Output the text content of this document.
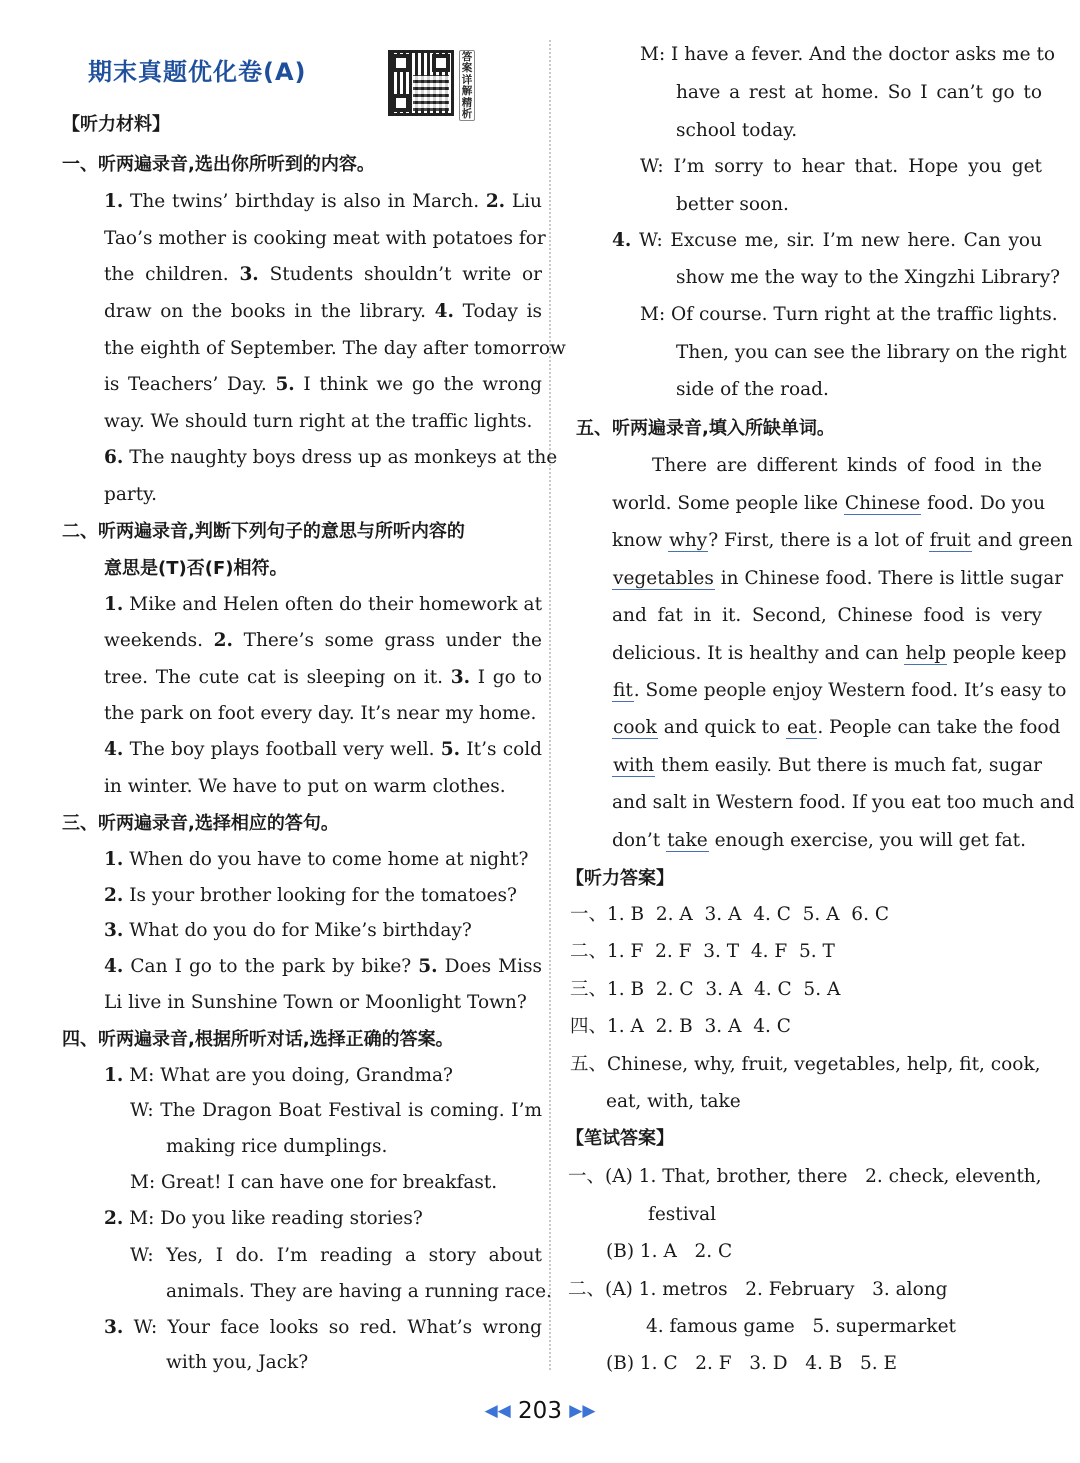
期末真题优化卷(A)
答案详解精析
【听力材料】
一、听两遍录音,选出你所听到的内容。
1. The twins’ birthday is also in March. 2. Liu
Tao’s mother is cooking meat with potatoes for
the children. 3. Students shouldn’t write or
draw on the books in the library. 4. Today is
the eighth of September. The day after tomorrow
is Teachers’ Day. 5. I think we go the wrong
way. We should turn right at the traffic lights.
6. The naughty boys dress up as monkeys at the
party.
二、听两遍录音,判断下列句子的意思与所听内容的
意思是(T)否(F)相符。
1. Mike and Helen often do their homework at
weekends. 2. There’s some grass under the
tree. The cute cat is sleeping on it. 3. I go to
the park on foot every day. It’s near my home.
4. The boy plays football very well. 5. It’s cold
in winter. We have to put on warm clothes.
三、听两遍录音,选择相应的答句。
1. When do you have to come home at night?
2. Is your brother looking for the tomatoes?
3. What do you do for Mike’s birthday?
4. Can I go to the park by bike? 5. Does Miss
Li live in Sunshine Town or Moonlight Town?
四、听两遍录音,根据所听对话,选择正确的答案。
1. M: What are you doing, Grandma?
W: The Dragon Boat Festival is coming. I’m
making rice dumplings.
M: Great! I can have one for breakfast.
2. M: Do you like reading stories?
W: Yes, I do. I’m reading a story about
animals. They are having a running race.
3. W: Your face looks so red. What’s wrong
with you, Jack?
M: I have a fever. And the doctor asks me to
have a rest at home. So I can’t go to
school today.
W: I’m sorry to hear that. Hope you get
better soon.
4. W: Excuse me, sir. I’m new here. Can you
show me the way to the Xingzhi Library?
M: Of course. Turn right at the traffic lights.
Then, you can see the library on the right
side of the road.
五、听两遍录音,填入所缺单词。
There are different kinds of food in the
world. Some people like Chinese food. Do you
know why? First, there is a lot of fruit and green
vegetables in Chinese food. There is little sugar
and fat in it. Second, Chinese food is very
delicious. It is healthy and can help people keep
fit. Some people enjoy Western food. It’s easy to
cook and quick to eat. People can take the food
with them easily. But there is much fat, sugar
and salt in Western food. If you eat too much and
don’t take enough exercise, you will get fat.
【听力答案】
一、1. B  2. A  3. A  4. C  5. A  6. C
二、1. F  2. F  3. T  4. F  5. T
三、1. B  2. C  3. A  4. C  5. A
四、1. A  2. B  3. A  4. C
五、Chinese, why, fruit, vegetables, help, fit, cook,
eat, with, take
【笔试答案】
一、(A) 1. That, brother, there   2. check, eleventh,
festival
(B) 1. A   2. C
二、(A) 1. metros   2. February   3. along
4. famous game   5. supermarket
(B) 1. C   2. F   3. D   4. B   5. E
◀◀ 203 ▶▶
